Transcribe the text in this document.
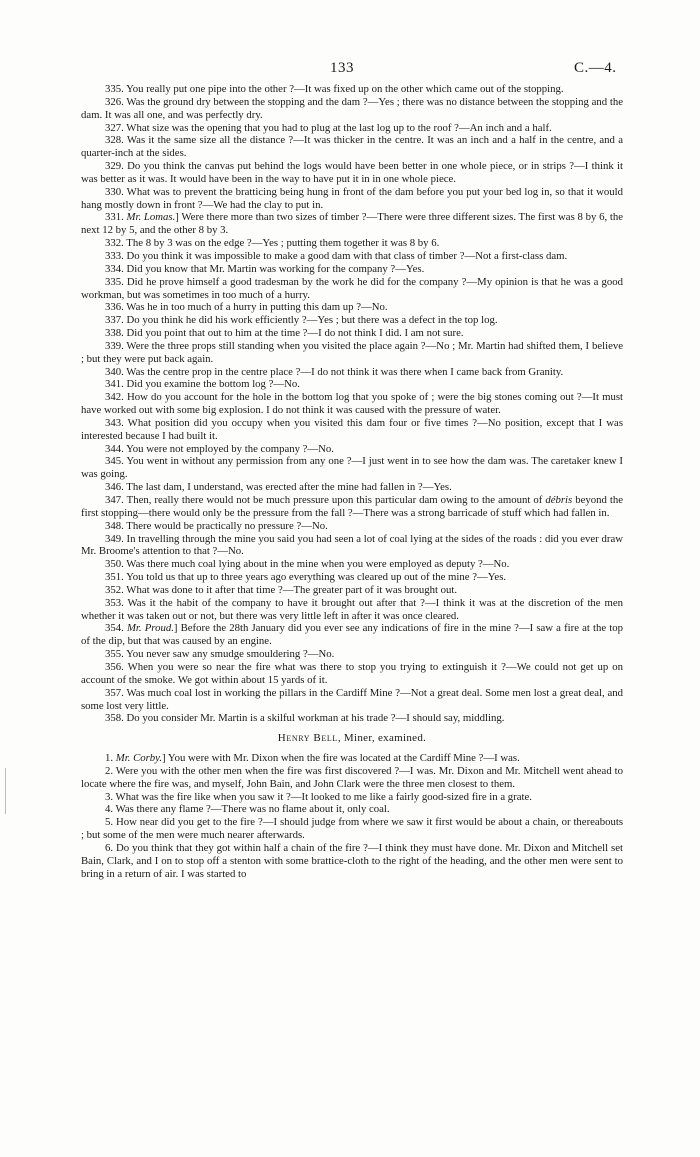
133	C.—4.

335. You really put one pipe into the other ?—It was fixed up on the other which came out of the stopping.

326. Was the ground dry between the stopping and the dam ?—Yes ; there was no distance between the stopping and the dam. It was all one, and was perfectly dry.

327. What size was the opening that you had to plug at the last log up to the roof ?—An inch and a half.

328. Was it the same size all the distance ?—It was thicker in the centre. It was an inch and a half in the centre, and a quarter-inch at the sides.

329. Do you think the canvas put behind the logs would have been better in one whole piece, or in strips ?—I think it was better as it was. It would have been in the way to have put it in in one whole piece.

330. What was to prevent the bratticing being hung in front of the dam before you put your bed log in, so that it would hang mostly down in front ?—We had the clay to put in.

331. Mr. Lomas.] Were there more than two sizes of timber ?—There were three different sizes. The first was 8 by 6, the next 12 by 5, and the other 8 by 3.

332. The 8 by 3 was on the edge ?—Yes ; putting them together it was 8 by 6.

333. Do you think it was impossible to make a good dam with that class of timber ?—Not a first-class dam.

334. Did you know that Mr. Martin was working for the company ?—Yes.

335. Did he prove himself a good tradesman by the work he did for the company ?—My opinion is that he was a good workman, but was sometimes in too much of a hurry.

336. Was he in too much of a hurry in putting this dam up ?—No.

337. Do you think he did his work efficiently ?—Yes ; but there was a defect in the top log.

338. Did you point that out to him at the time ?—I do not think I did. I am not sure.

339. Were the three props still standing when you visited the place again ?—No ; Mr. Martin had shifted them, I believe ; but they were put back again.

340. Was the centre prop in the centre place ?—I do not think it was there when I came back from Granity.

341. Did you examine the bottom log ?—No.

342. How do you account for the hole in the bottom log that you spoke of ; were the big stones coming out ?—It must have worked out with some big explosion. I do not think it was caused with the pressure of water.

343. What position did you occupy when you visited this dam four or five times ?—No position, except that I was interested because I had built it.

344. You were not employed by the company ?—No.

345. You went in without any permission from any one ?—I just went in to see how the dam was. The caretaker knew I was going.

346. The last dam, I understand, was erected after the mine had fallen in ?—Yes.

347. Then, really there would not be much pressure upon this particular dam owing to the amount of débris beyond the first stopping—there would only be the pressure from the fall ?—There was a strong barricade of stuff which had fallen in.

348. There would be practically no pressure ?—No.

349. In travelling through the mine you said you had seen a lot of coal lying at the sides of the roads : did you ever draw Mr. Broome's attention to that ?—No.

350. Was there much coal lying about in the mine when you were employed as deputy ?—No.

351. You told us that up to three years ago everything was cleared up out of the mine ?—Yes.

352. What was done to it after that time ?—The greater part of it was brought out.

353. Was it the habit of the company to have it brought out after that ?—I think it was at the discretion of the men whether it was taken out or not, but there was very little left in after it was once cleared.

354. Mr. Proud.] Before the 28th January did you ever see any indications of fire in the mine ?—I saw a fire at the top of the dip, but that was caused by an engine.

355. You never saw any smudge smouldering ?—No.

356. When you were so near the fire what was there to stop you trying to extinguish it ?—We could not get up on account of the smoke. We got within about 15 yards of it.

357. Was much coal lost in working the pillars in the Cardiff Mine ?—Not a great deal. Some men lost a great deal, and some lost very little.

358. Do you consider Mr. Martin is a skilful workman at his trade ?—I should say, middling.

Henry Bell, Miner, examined.

1. Mr. Corby.] You were with Mr. Dixon when the fire was located at the Cardiff Mine ?—I was.

2. Were you with the other men when the fire was first discovered ?—I was. Mr. Dixon and Mr. Mitchell went ahead to locate where the fire was, and myself, John Bain, and John Clark were the three men closest to them.

3. What was the fire like when you saw it ?—It looked to me like a fairly good-sized fire in a grate.

4. Was there any flame ?—There was no flame about it, only coal.

5. How near did you get to the fire ?—I should judge from where we saw it first would be about a chain, or thereabouts ; but some of the men were much nearer afterwards.

6. Do you think that they got within half a chain of the fire ?—I think they must have done. Mr. Dixon and Mitchell set Bain, Clark, and I on to stop off a stenton with some brattice-cloth to the right of the heading, and the other men were sent to bring in a return of air. I was started to
